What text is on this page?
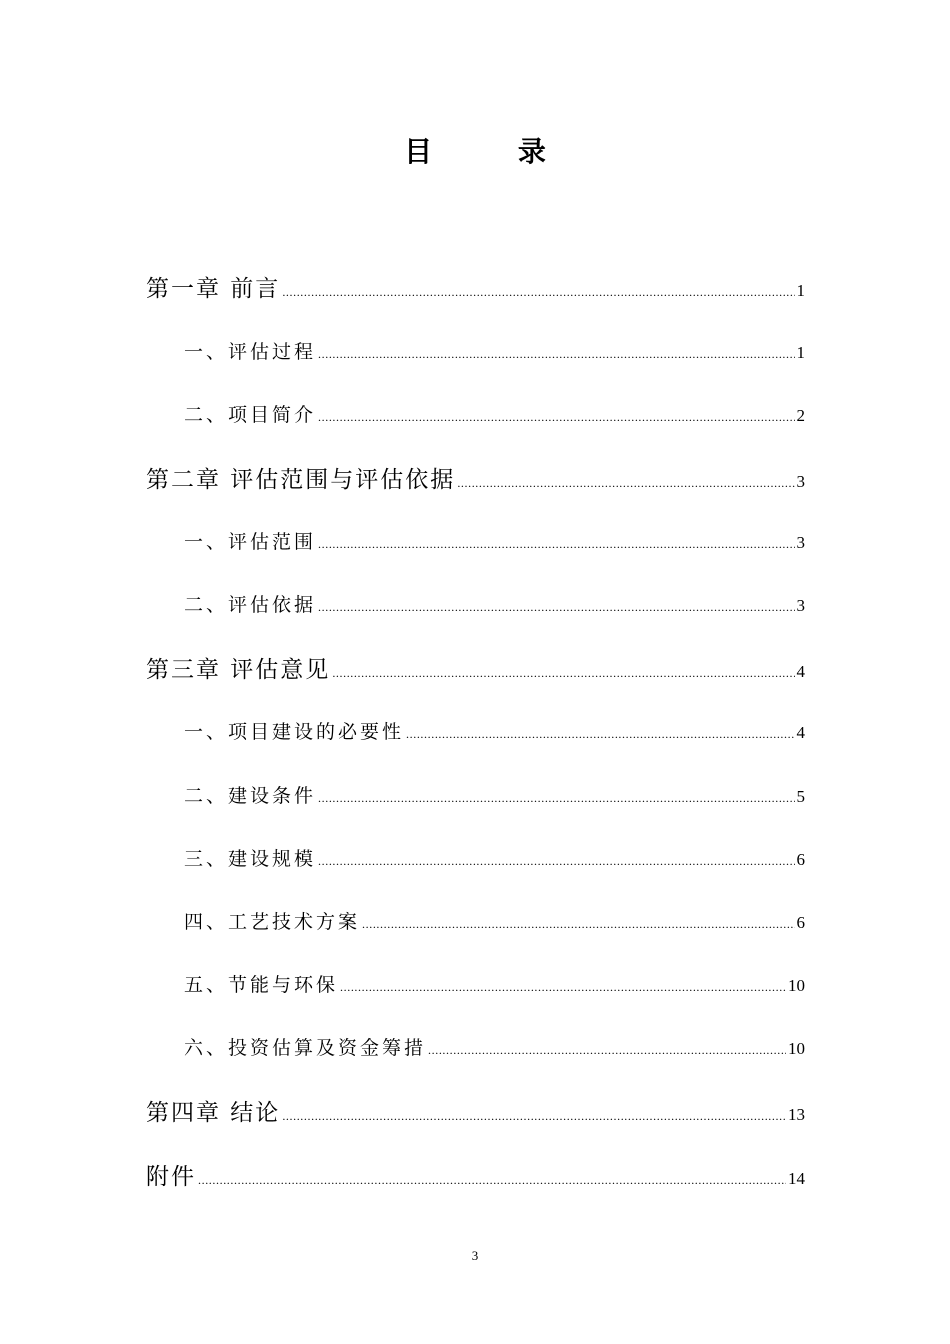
目 录
第一章 前言 .....	1
一、评估过程 .....	1
二、项目简介 .....	2
第二章 评估范围与评估依据 .....	3
一、评估范围 .....	3
二、评估依据 .....	3
第三章 评估意见 .....	4
一、项目建设的必要性 .....	4
二、建设条件 .....	5
三、建设规模 .....	6
四、工艺技术方案 .....	6
五、节能与环保 .....	10
六、投资估算及资金筹措 .....	10
第四章 结论 .....	13
附件 .....	14
3
